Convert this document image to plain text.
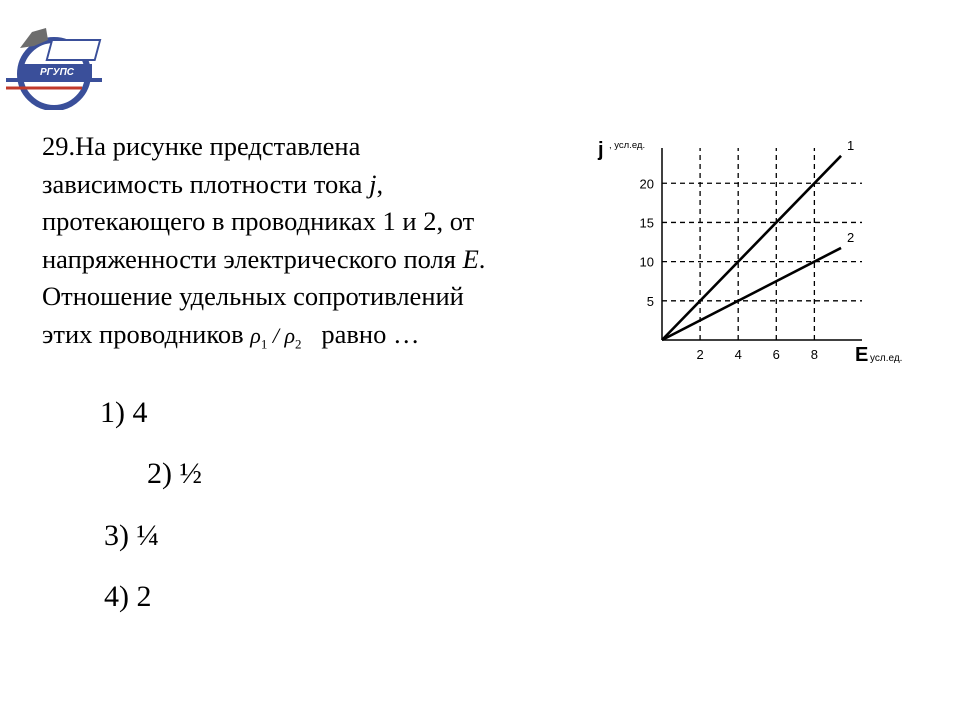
РГУПС
29.На рисунке представлена
зависимость плотности тока j,
протекающего в проводниках 1 и 2, от
напряженности электрического поля E.
Отношение удельных сопротивлений
этих проводников $\rho_1 / \rho_2$ равно …
j , усл.ед.
E усл.ед.
2 4 6 8
5
10
15
20
1
2
1) 4
2) ½
3) ¼
4) 2
